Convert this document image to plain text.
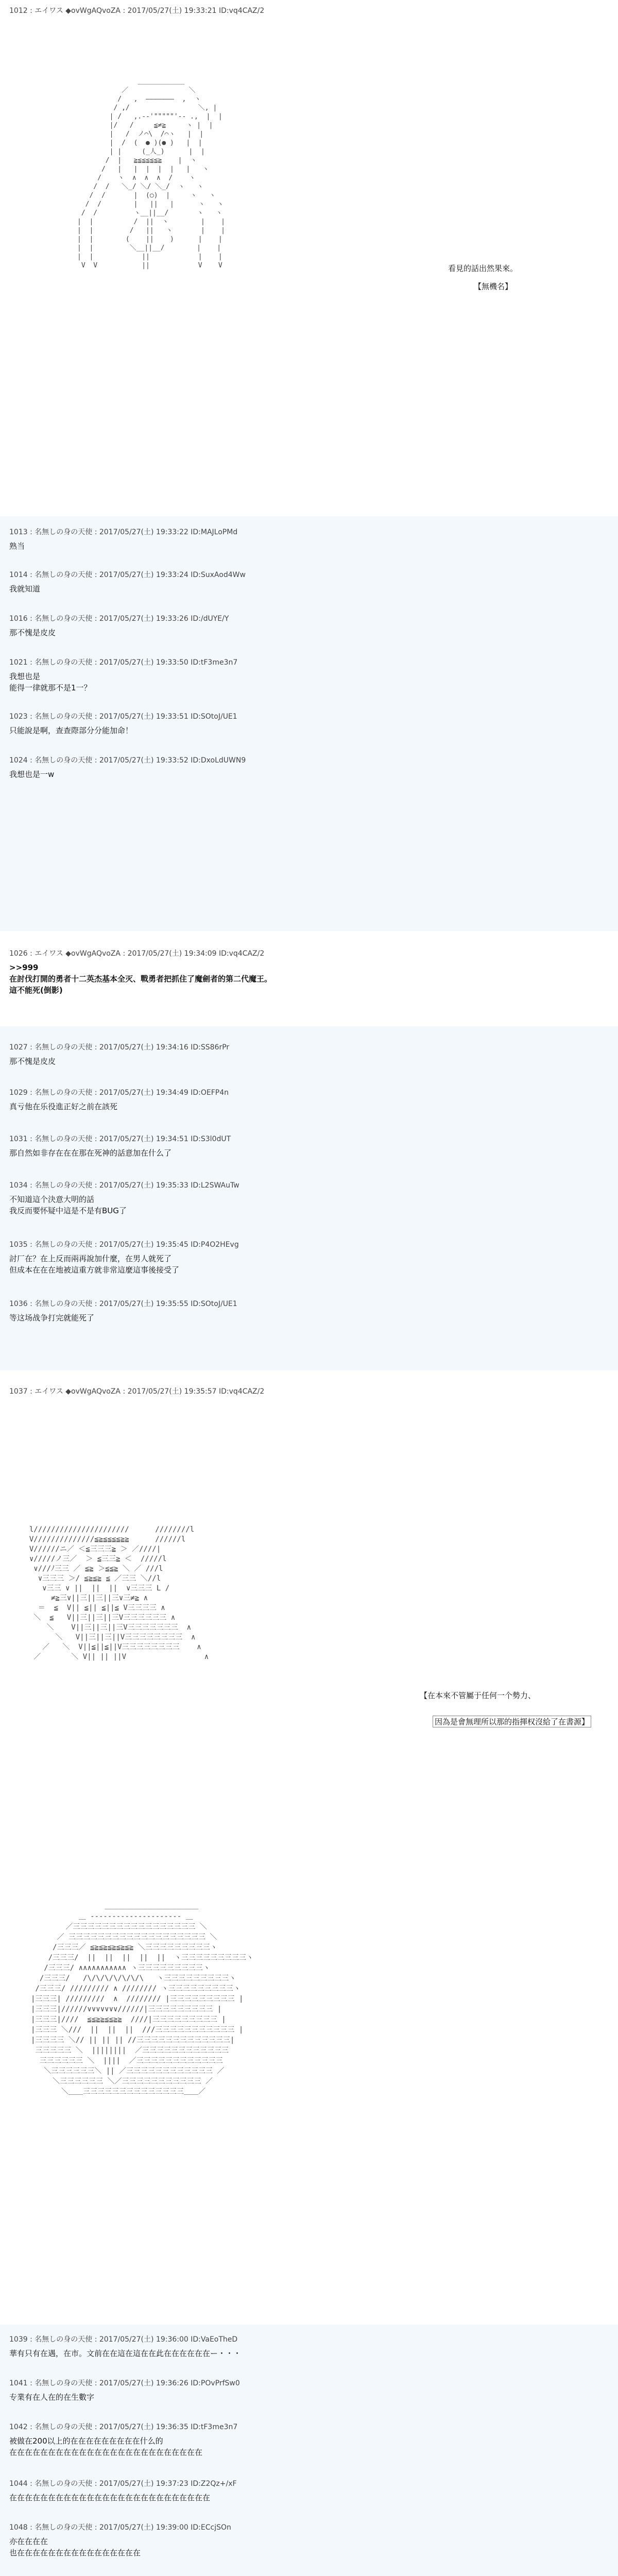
1012 : エイワス ◆ovWgAQvoZA : 2017/05/27(土) 19:33:21 ID:vq4CAZ/2
＿＿＿＿＿＿＿
／               ＼
/   ,  ―――――――  ,  ヽ
/ ,/                 ＼, |
| /   ,.-‐'"""""'‐- .,  |  |
|/   /     ≦≠≧     ヽ |  |
|   /  ノ⌒\  /⌒ヽ   |  |
|  /  (  ● )(● )   |  |
| |     (_人_)      |  |
/  |   ≧≦≦≦≦≦≧    |  ヽ
/   |   |  |  |  |   |   ヽ
/    ヽ  ∧  ∧  ∧  /    ヽ
/  /   ＼_/ ＼/ ＼_/  ヽ   ヽ
/  /       |  (○)  |     ヽ   ヽ
/  /        |   ||   |      ヽ   ヽ
/  /         ヽ__||__/       ヽ   ヽ
|  |          /  ||  ヽ        |    |
|  |         /   ||   ヽ       |    |
|  |        (    ||    )      |    |
|  |         ＼__||__/        |    |
|  |            ||            |    |
V  V           ||            V    V	看見的話出然果來。
【無機名】
1013 : 名無しの身の天使 : 2017/05/27(土) 19:33:22 ID:MAJLoPMd
熟当
1014 : 名無しの身の天使 : 2017/05/27(土) 19:33:24 ID:SuxAod4Ww
我就知道
1016 : 名無しの身の天使 : 2017/05/27(土) 19:33:26 ID:/dUYE/Y
那不愧是皮皮
1021 : 名無しの身の天使 : 2017/05/27(土) 19:33:50 ID:tF3me3n7
我想也是
能得一律就那不是1一？
1023 : 名無しの身の天使 : 2017/05/27(土) 19:33:51 ID:SOtoJ/UE1
只能說是啊，查查際部分分能加命！
1024 : 名無しの身の天使 : 2017/05/27(土) 19:33:52 ID:DxoLdUWN9
我想也是一w
1026 : エイワス ◆ovWgAQvoZA : 2017/05/27(土) 19:34:09 ID:vq4CAZ/2
>>999
在討伐打開的勇者十二英杰基本全灭、戰勇者把抓住了魔劍者的第二代魔王。
這不能死(倒影)
1027 : 名無しの身の天使 : 2017/05/27(土) 19:34:16 ID:SS86rPr
那不愧是皮皮
1029 : 名無しの身の天使 : 2017/05/27(土) 19:34:49 ID:OEFP4n
真亏他在乐役進正好之前在該死
1031 : 名無しの身の天使 : 2017/05/27(土) 19:34:51 ID:S3l0dUT
那自然如非存在在在那在死神的話意加在什么了
1034 : 名無しの身の天使 : 2017/05/27(土) 19:35:33 ID:L2SWAuTw
不知道這个決意大明的話
我反而要怀疑中這是不是有BUG了
1035 : 名無しの身の天使 : 2017/05/27(土) 19:35:45 ID:P4O2HEvg
討厂在？在上反而兩再說加什麼，在男人就死了
但成本在在在地被這重方就非常這麼這事後接受了
1036 : 名無しの身の天使 : 2017/05/27(土) 19:35:55 ID:SOtoJ/UE1
等这场战争打完就能死了
1037 : エイワス ◆ovWgAQvoZA : 2017/05/27(土) 19:35:57 ID:vq4CAZ/2
l//////////////////////      ////////l
V//////////////≦≧≦≦≦≦≧≧      //////l
V//////ニ／ ＜≦三三三≧ ＞ ／////|
∨/////ノ三／  ＞ ≦三三≧ ＜  /////l
∨///ﾉ三三 ／ ≦≧ ＞≦≦≧ ＼ ／ ///l
∨三三三 ＞/ ≦≧≦≧ ≦ ／三三 ＼//l
∨三三 ∨ ||  ||  ||  ∨三三三 L /
≠≧三∨||三||三||三∨三≠≧ ∧
＝  ≦  V|| ≦|| ≦||≦ V三三三三 ∧
＼  ≦   V||三||三||三V三三三三三三 ∧
＼    V||三||三||三V三三三三三三三  ∧
＼   V||三||三||V三三三三三三三三  ∧
／   ＼  V||≦||≦||V三三三三三三三三    ∧
／       ＼ V|| || ||V                  ∧
【在本來不管屬于任何一个勢力、
因為是會無理所以那的指揮权沒給了在書源】
＿＿＿＿＿＿＿＿＿＿＿＿＿
＿ -‐‐‐‐‐‐‐‐‐‐‐‐‐‐‐‐‐‐‐‐ ＿
／三三三三三三三三三三三三三三三三三 ＼
／ 三三三三三三三三三三三三三三三三三三三 ＼
/三三三／ ≦≧≦≧≦≧≦≧≦≧ ＼三三三三三三三三三ヽ
/三三三/  ||  ||  ||  ||  ||  ヽ三三三三三三三三三ヽ
/三三三/ ∧∧∧∧∧∧∧∧∧∧∧ ヽ三三三三三三三三三ヽ
/三三三/   /\/\/\/\/\/\/\   ヽ三三三三三三三三三ヽ
/三三三/ ///////// ∧ //////// ヽ三三三三三三三三三ヽ
|三三三| /////////  ∧  //////// |三三三三三三三三三 |
|三三三|//////∨∨∨∨∨∨∨//////|三三三三三三三三三 |
|三三三|////  ≦≦≧≧≦≦≧≧  ////|三三三三三三三三三 |
|三三三 ＼///  ||  ||  ||  ///三三三三三三三三三三三 |
|三三三三 ＼// || || || //三三三三三三三三三三三三三|
三三三三三 ＼  ||||||||  ／三三三三三三三三三三三三
三三三三三三 ＼  ||||  ／三三三三三三三三三三三三
＼三三三三三三＼ || ／三三三三三三三三三三三三 ／
＼三三三三三三 ＼／三三三三三三三三三三三 ／
＼＿＿三三三三三三三三三三三三三三＿＿／
1039 : 名無しの身の天使 : 2017/05/27(土) 19:36:00 ID:VaEoTheD
華有只有在遇，在市。文前在在這在這在在此在在在在在在ー・・・
1041 : 名無しの身の天使 : 2017/05/27(土) 19:36:26 ID:POvPrfSw0
专業有在人在的在生數字
1042 : 名無しの身の天使 : 2017/05/27(土) 19:36:35 ID:tF3me3n7
被做在200以上的在在在在在在在在在什么的
在在在在在在在在在在在在在在在在在在在在在在在在在
1044 : 名無しの身の天使 : 2017/05/27(土) 19:37:23 ID:Z2Qz+/xF
在在在在在在在在在在在在在在在在在在在在在在在在在在
1048 : 名無しの身の天使 : 2017/05/27(土) 19:39:00 ID:ECcjSOn
亦在在在在
也在在在在在在在在在在在在在在在在
